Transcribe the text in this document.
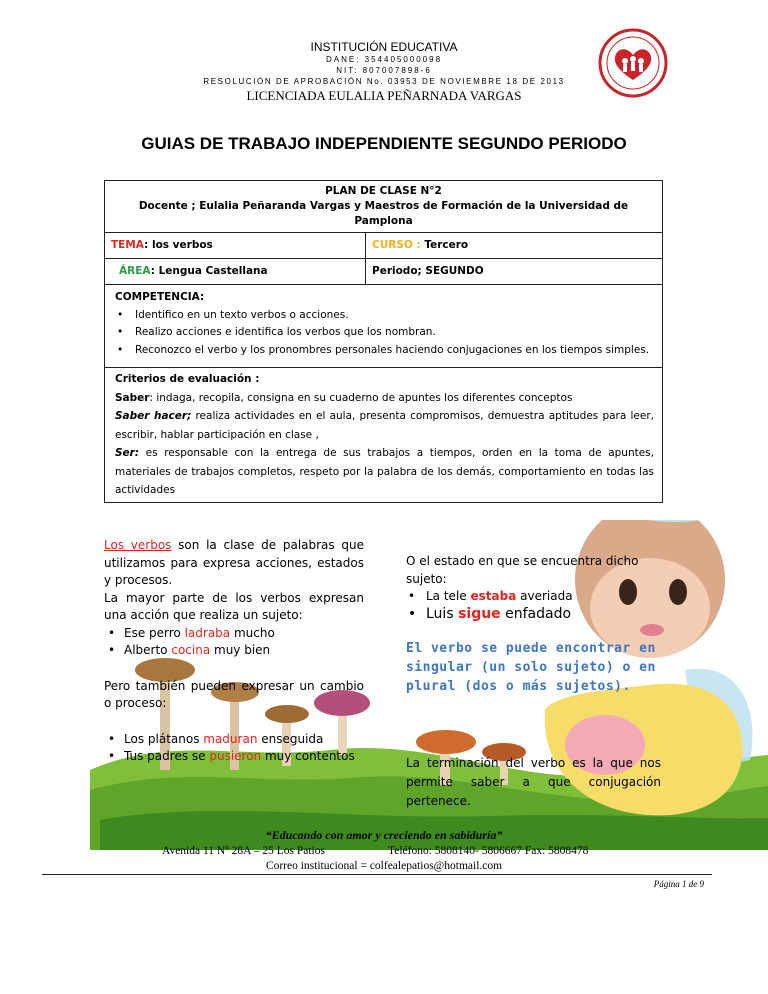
INSTITUCIÓN EDUCATIVA
DANE: 354405000098
NIT: 807007898-6
RESOLUCIÓN DE APROBACIÓN No. 03953 DE NOVIEMBRE 18 DE 2013
LICENCIADA EULALIA PEÑARNADA VARGAS
GUIAS DE TRABAJO INDEPENDIENTE SEGUNDO PERIODO
PLAN DE CLASE N°2
Docente ; Eulalia Peñaranda Vargas y Maestros de Formación de la Universidad de Pamplona
TEMA: los verbos	CURSO : Tercero
ÁREA: Lengua Castellana	Periodo; SEGUNDO
COMPETENCIA:
• Identifico en un texto verbos o acciones.
• Realizo acciones e identifica los verbos que los nombran.
• Reconozco el verbo y los pronombres personales haciendo conjugaciones en los tiempos simples.
Criterios de evaluación :
Saber: indaga, recopila, consigna en su cuaderno de apuntes los diferentes conceptos
Saber hacer; realiza actividades en el aula, presenta compromisos, demuestra aptitudes para leer, escribir, hablar participación en clase ,
Ser: es responsable con la entrega de sus trabajos a tiempos, orden en la toma de apuntes, materiales de trabajos completos, respeto por la palabra de los demás, comportamiento en todas las actividades
Los verbos son la clase de palabras que utilizamos para expresa acciones, estados y procesos.
La mayor parte de los verbos expresan una acción que realiza un sujeto:
• Ese perro ladraba mucho
• Alberto cocina muy bien
Pero también pueden expresar un cambio o proceso:
• Los plátanos maduran enseguida
• Tus padres se pusieron muy contentos
O el estado en que se encuentra dicho sujeto:
• La tele estaba averiada
• Luis sigue enfadado
El verbo se puede encontrar en singular (un solo sujeto) o en plural (dos o más sujetos).
La terminación del verbo es la que nos permite saber a que conjugación pertenece.
“Educando con amor y creciendo en sabiduría”
Avenida 11 Nº 28A – 25 Los Patios	Teléfono: 5808140- 5806667 Fax: 5808478
Correo institucional = colfealepatios@hotmail.com
Página 1 de 9
